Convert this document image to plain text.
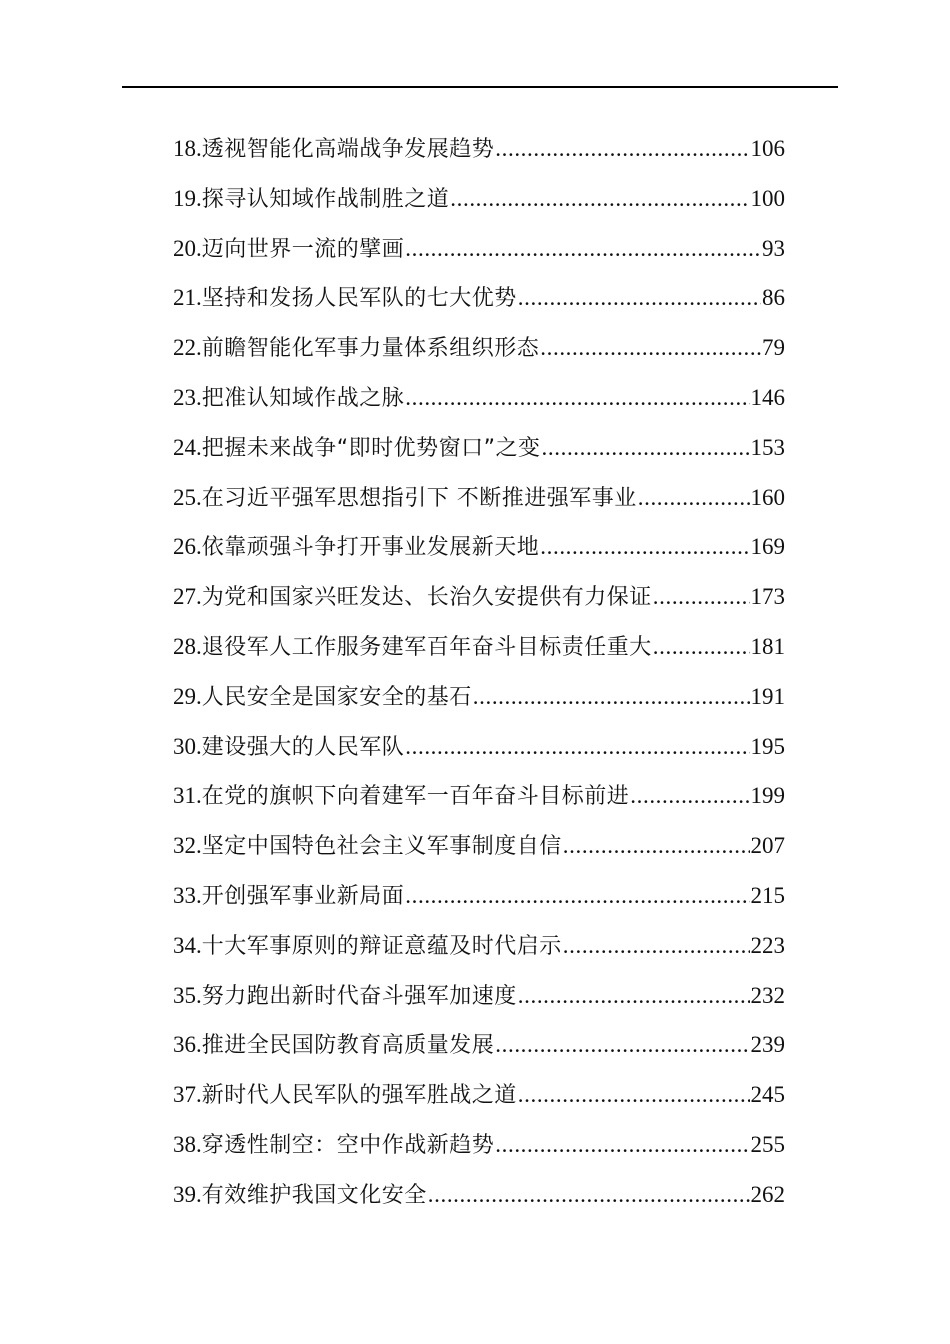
18. 透视智能化高端战争发展趋势 .....	106
19. 探寻认知域作战制胜之道 .....	100
20. 迈向世界一流的擘画 .....	93
21. 坚持和发扬人民军队的七大优势 .....	86
22. 前瞻智能化军事力量体系组织形态 .....	79
23. 把准认知域作战之脉 .....	146
24. 把握未来战争“即时优势窗口”之变 .....	153
25. 在习近平强军思想指引下 不断推进强军事业 .....	160
26. 依靠顽强斗争打开事业发展新天地 .....	169
27. 为党和国家兴旺发达、长治久安提供有力保证 .....	173
28. 退役军人工作服务建军百年奋斗目标责任重大 .....	181
29. 人民安全是国家安全的基石 .....	191
30. 建设强大的人民军队 .....	195
31. 在党的旗帜下向着建军一百年奋斗目标前进 .....	199
32. 坚定中国特色社会主义军事制度自信 .....	207
33. 开创强军事业新局面 .....	215
34. 十大军事原则的辩证意蕴及时代启示 .....	223
35. 努力跑出新时代奋斗强军加速度 .....	232
36. 推进全民国防教育高质量发展 .....	239
37. 新时代人民军队的强军胜战之道 .....	245
38. 穿透性制空：空中作战新趋势 .....	255
39. 有效维护我国文化安全 .....	262
